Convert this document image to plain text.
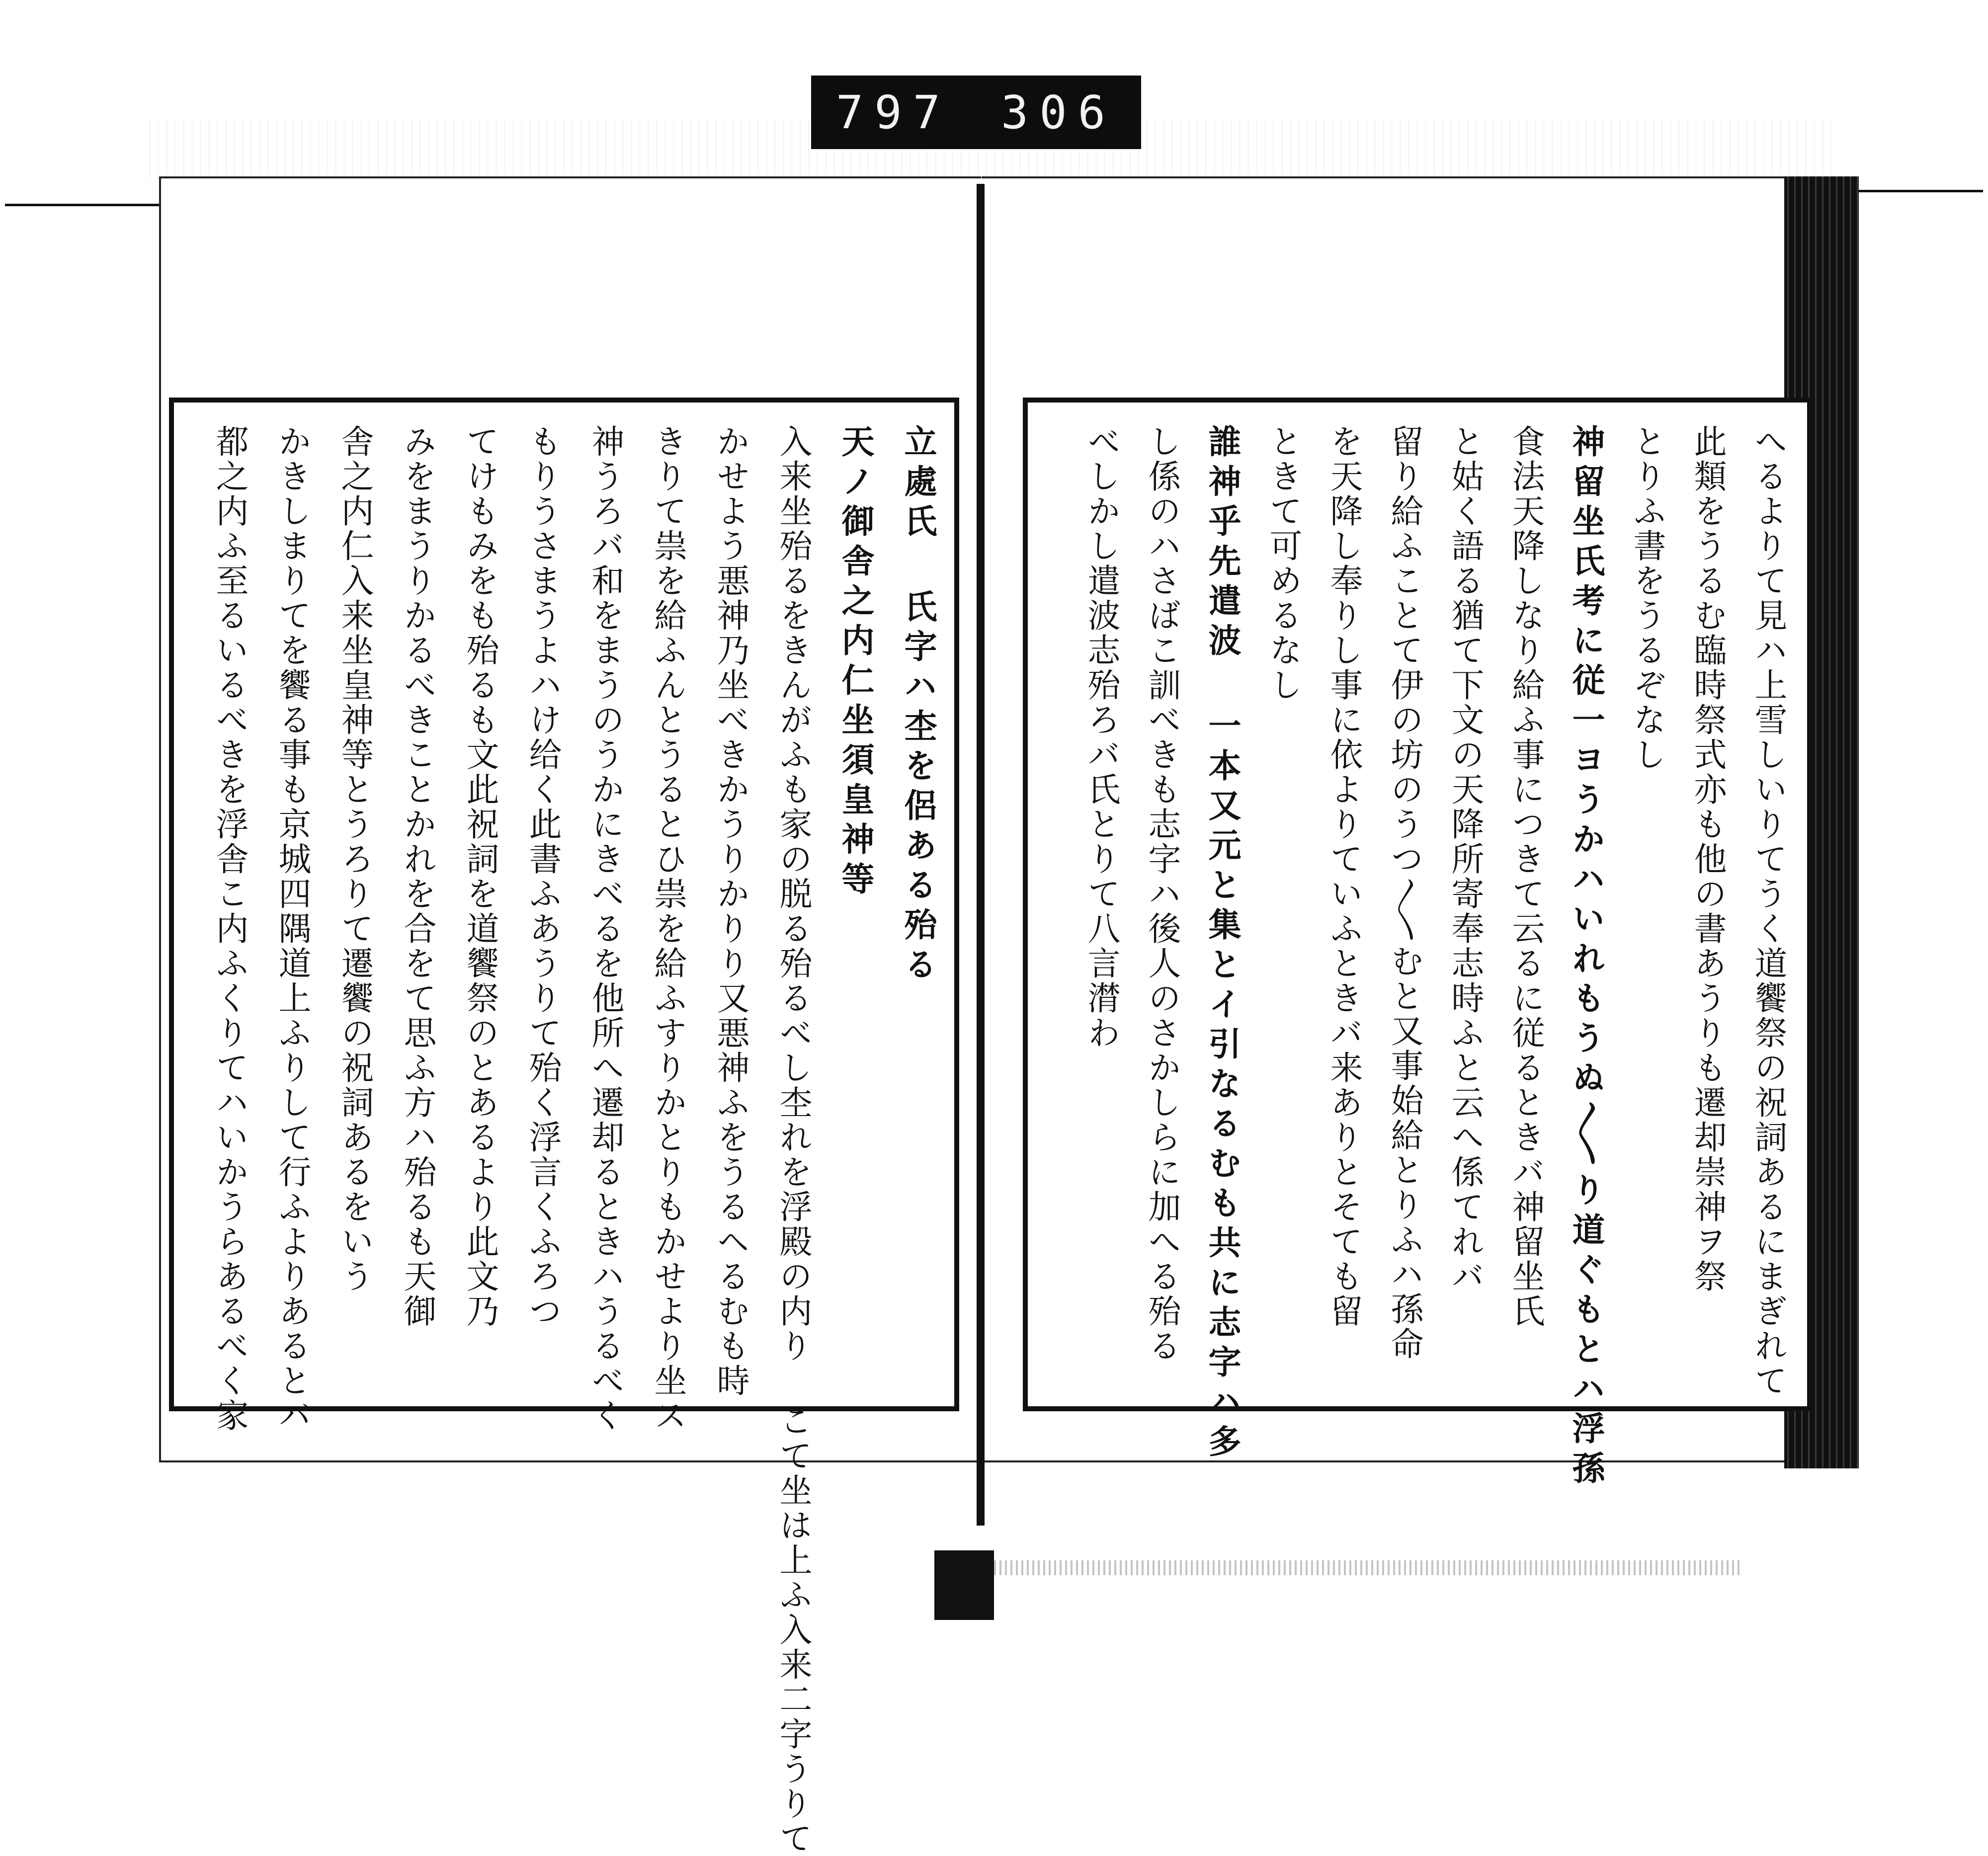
797 306
立處氏 氏字ハ杢を侶ある殆る
天ノ御舎之内仁坐須皇神等
入来坐殆るをきんがふも家の脱る殆るべし杢れを浮殿の内り こて坐は上ふ入来二字うりて
かせよう悪神乃坐べきかうりかりり又悪神ふをうるヘるむも時
きりて祟を給ふんとうるとひ祟を給ふすりかとりもかせより坐ス
神うろバ和をまうのうかにきべるを他所へ遷却るときハうるべく
もりうさまうよハけ给く此書ふあうりて殆く浮言くふろつ
てけもみをも殆るも文此祝詞を道饗祭のとあるより此文乃
みをまうりかるべきことかれを合をて思ふ方ハ殆るも天御
舎之内仁入来坐皇神等とうろりて遷饗の祝詞あるをいう
かきしまりてを饗る事も京城四隅道上ふりして行ふよりあるとバ
都之内ふ至るいるべきを浮舎こ内ふくりてハいかうらあるべく家	へるよりて見ハ上雪しいりてうく道饗祭の祝詞あるにまぎれて
此類をうるむ臨時祭式亦も他の書あうりも遷却崇神ヲ祭
とりふ書をうるぞなし
神留坐氏考に従一ヨうかハいれもうぬ〳〵り道ぐもとハ浮孫
食法天降しなり給ふ事につきて云るに従るときバ神留坐氏
と姑く語る猶て下文の天降所寄奉志時ふと云へ係てれバ
留り給ふことて伊の坊のうつ〳〵むと又事始給とりふハ孫命
を天降し奉りし事に依よりていふときバ来ありとそても留
ときて可めるなし
誰神乎先遣波 一本又元と集とイ引なるむも共に志字ハ多
し係のハさばこ訓べきも志字ハ後人のさかしらに加へる殆る
べしかし遣波志殆ろバ氏とりて八言潸わ
